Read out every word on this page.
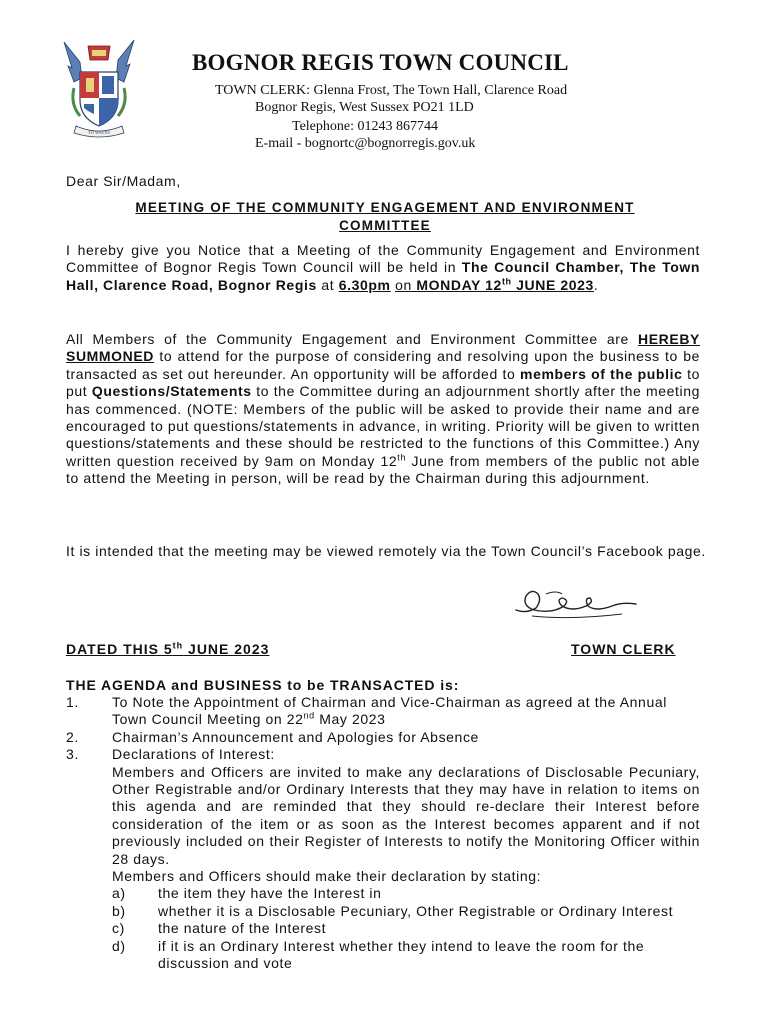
TO WAVES
BOGNOR REGIS TOWN COUNCIL
TOWN CLERK: Glenna Frost, The Town Hall, Clarence Road
Bognor Regis, West Sussex PO21 1LD
Telephone: 01243 867744
E-mail - bognortc@bognorregis.gov.uk
Dear Sir/Madam,
MEETING OF THE COMMUNITY ENGAGEMENT AND ENVIRONMENT COMMITTEE
I hereby give you Notice that a Meeting of the Community Engagement and Environment Committee of Bognor Regis Town Council will be held in The Council Chamber, The Town Hall, Clarence Road, Bognor Regis at 6.30pm on MONDAY 12th JUNE 2023.
All Members of the Community Engagement and Environment Committee are HEREBY SUMMONED to attend for the purpose of considering and resolving upon the business to be transacted as set out hereunder. An opportunity will be afforded to members of the public to put Questions/Statements to the Committee during an adjournment shortly after the meeting has commenced. (NOTE: Members of the public will be asked to provide their name and are encouraged to put questions/statements in advance, in writing. Priority will be given to written questions/statements and these should be restricted to the functions of this Committee.) Any written question received by 9am on Monday 12th June from members of the public not able to attend the Meeting in person, will be read by the Chairman during this adjournment.
It is intended that the meeting may be viewed remotely via the Town Council’s Facebook page.
DATED THIS 5th JUNE 2023	TOWN CLERK
THE AGENDA and BUSINESS to be TRANSACTED is:
1. To Note the Appointment of Chairman and Vice-Chairman as agreed at the Annual Town Council Meeting on 22nd May 2023
2. Chairman’s Announcement and Apologies for Absence
3. Declarations of Interest:
Members and Officers are invited to make any declarations of Disclosable Pecuniary, Other Registrable and/or Ordinary Interests that they may have in relation to items on this agenda and are reminded that they should re-declare their Interest before consideration of the item or as soon as the Interest becomes apparent and if not previously included on their Register of Interests to notify the Monitoring Officer within 28 days.
Members and Officers should make their declaration by stating:
a) the item they have the Interest in
b) whether it is a Disclosable Pecuniary, Other Registrable or Ordinary Interest
c) the nature of the Interest
d) if it is an Ordinary Interest whether they intend to leave the room for the discussion and vote
